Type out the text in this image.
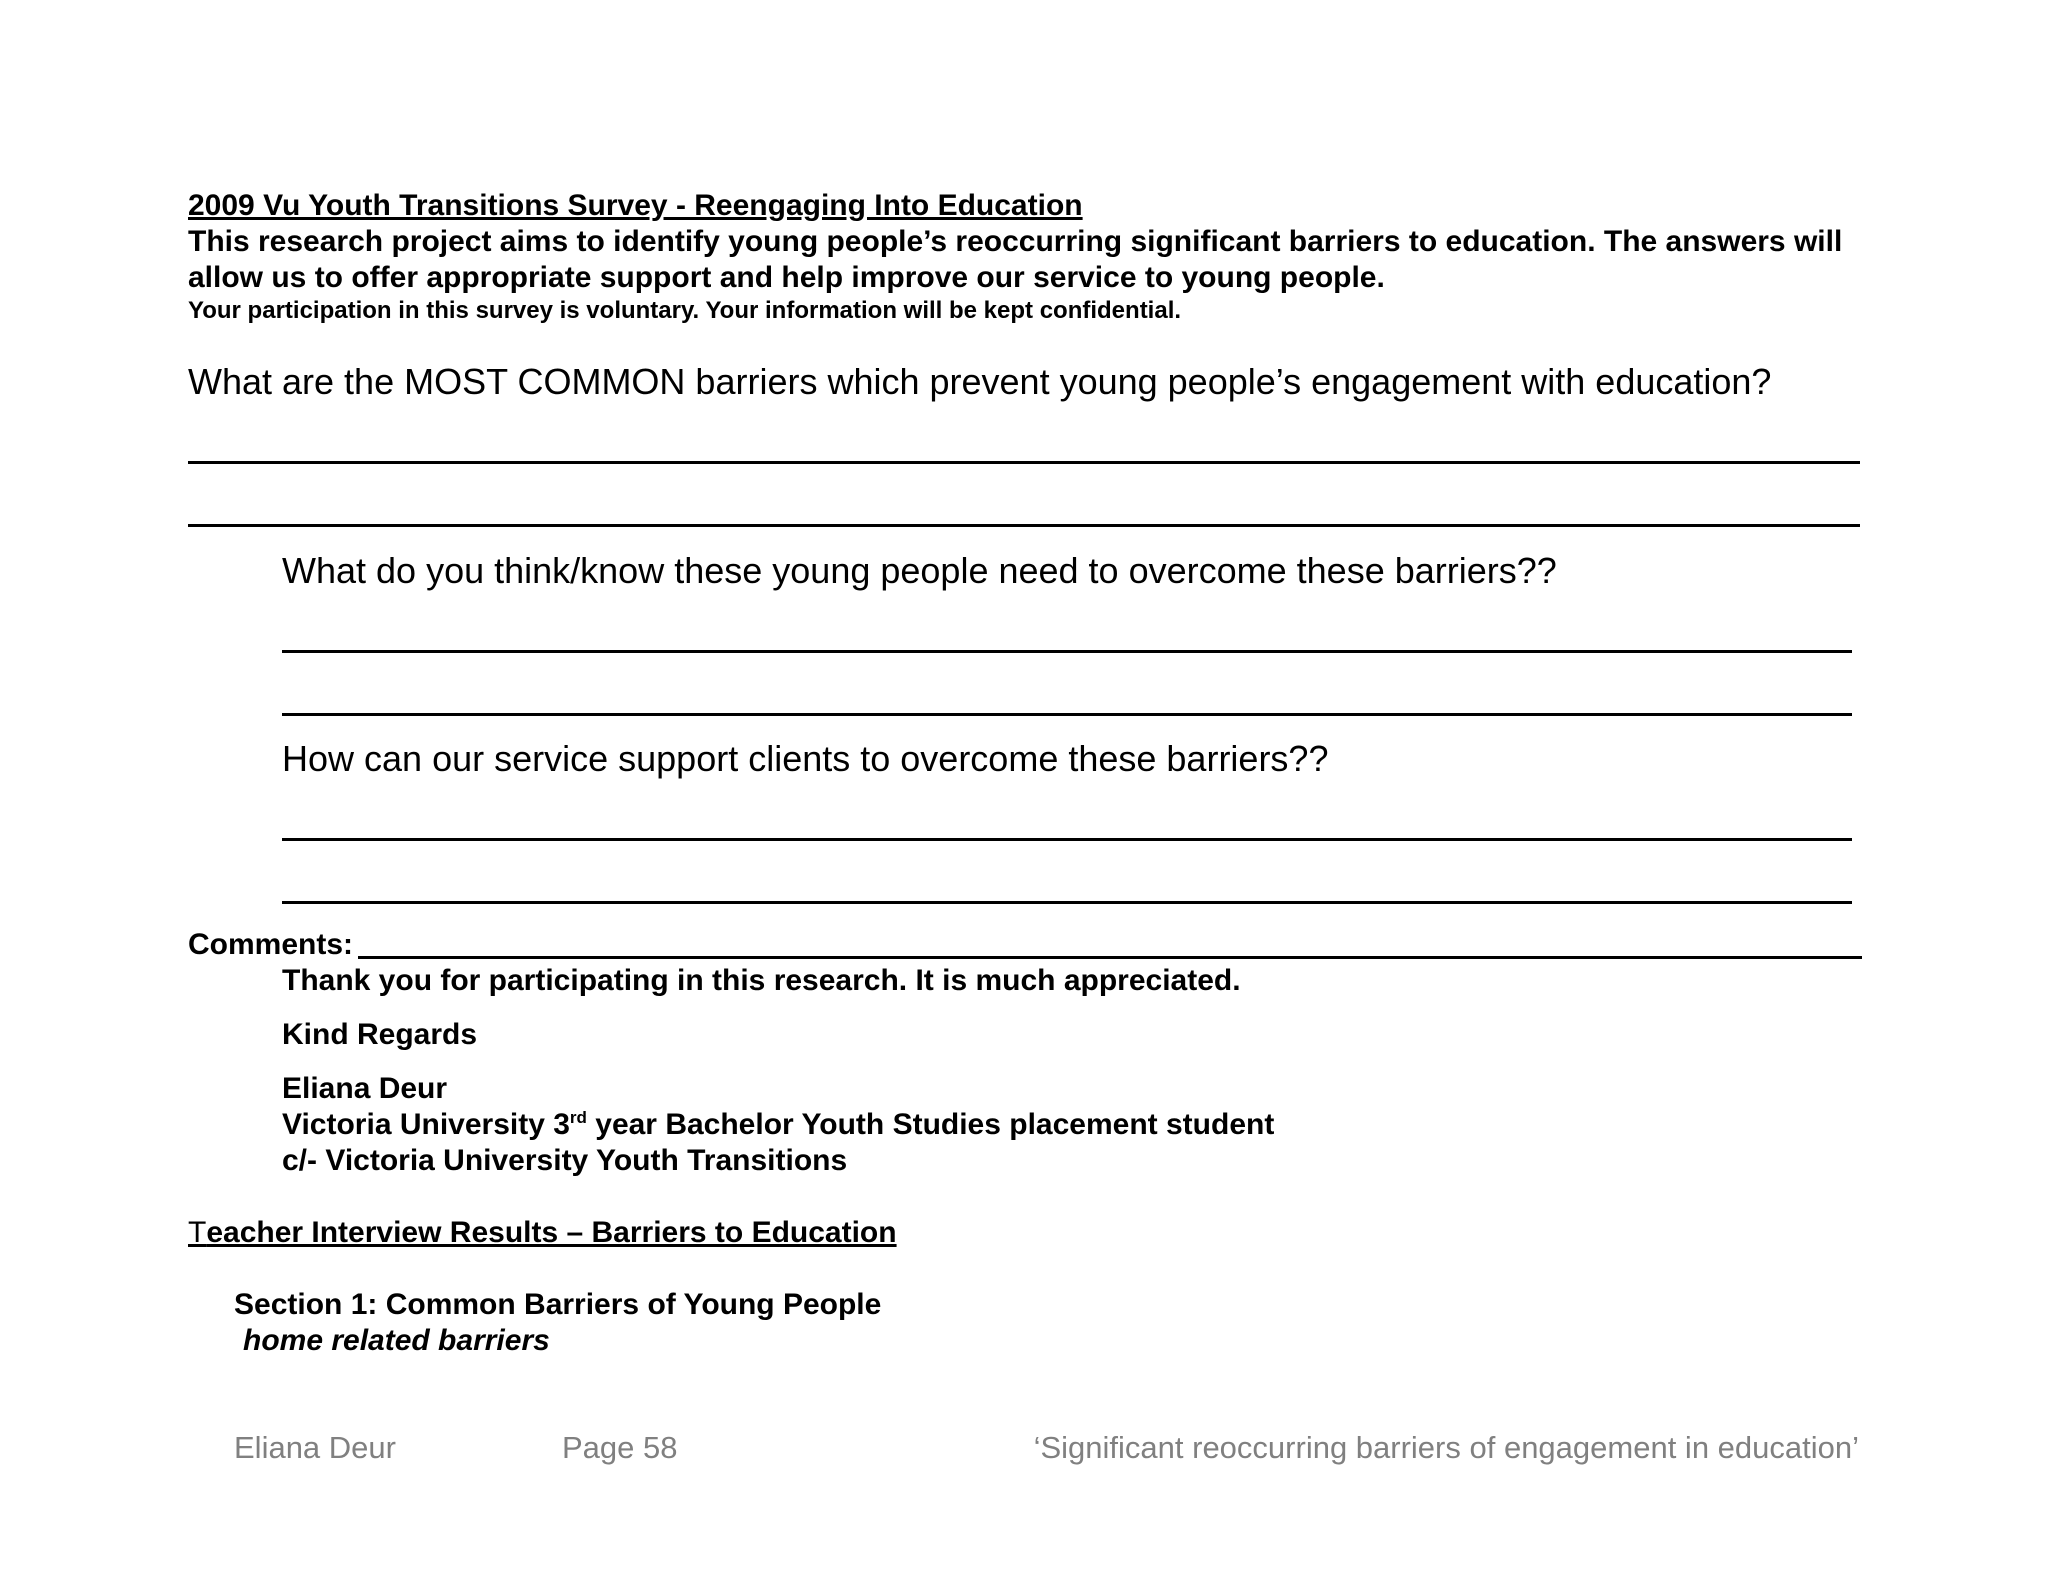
2009 Vu Youth Transitions Survey - Reengaging Into Education
This research project aims to identify young people’s reoccurring significant barriers to education. The answers will allow us to offer appropriate support and help improve our service to young people.
Your participation in this survey is voluntary. Your information will be kept confidential.
What are the MOST COMMON barriers which prevent young people’s engagement with education?
What do you think/know these young people need to overcome these barriers??
How can our service support clients to overcome these barriers??
Comments:
Thank you for participating in this research. It is much appreciated.
Kind Regards
Eliana Deur
Victoria University 3rd year Bachelor Youth Studies placement student
c/- Victoria University Youth Transitions
Teacher Interview Results – Barriers to Education
Section 1: Common Barriers of Young People
home related barriers
Eliana Deur	Page 58	‘Significant reoccurring barriers of engagement in education’
